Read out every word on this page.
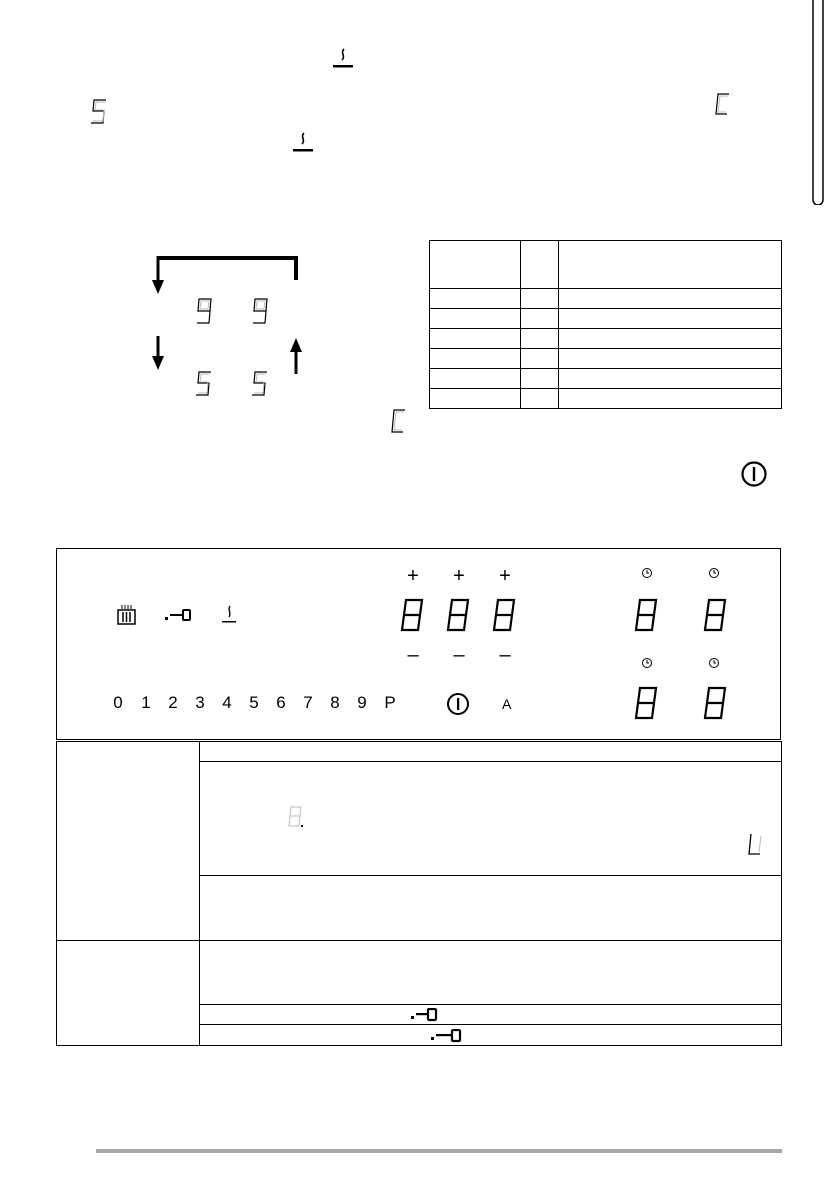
+ + +
– – –
0 1 2 3 4 5 6 7 8 9 P	A
